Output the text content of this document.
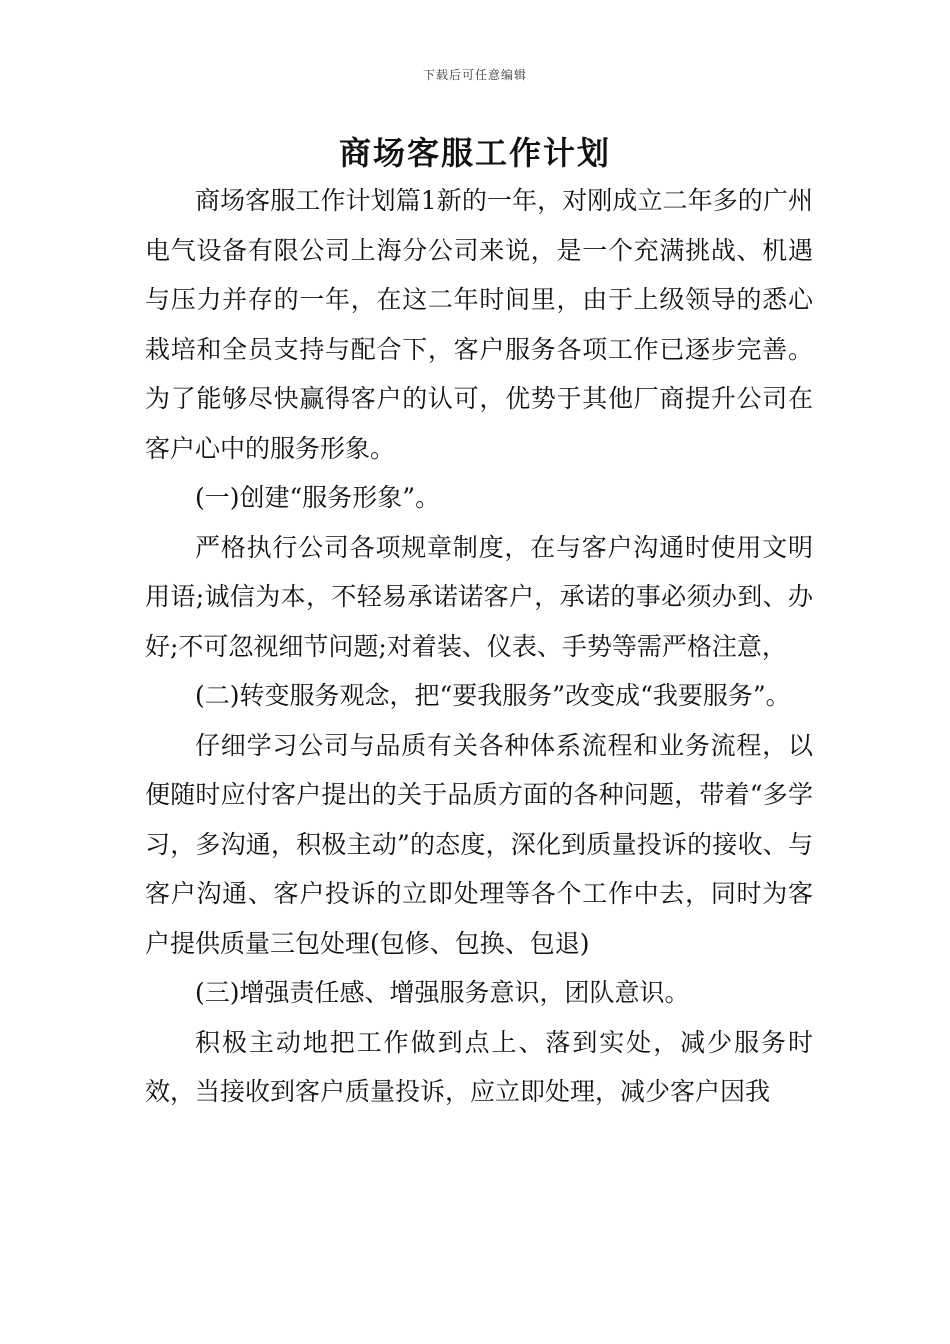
下载后可任意编辑
商场客服工作计划

商场客服工作计划篇1新的一年，对刚成立二年多的广州电气设备有限公司上海分公司来说，是一个充满挑战、机遇与压力并存的一年，在这二年时间里，由于上级领导的悉心栽培和全员支持与配合下，客户服务各项工作已逐步完善。为了能够尽快赢得客户的认可，优势于其他厂商提升公司在客户心中的服务形象。

(一)创建“服务形象”。

严格执行公司各项规章制度，在与客户沟通时使用文明用语;诚信为本，不轻易承诺诺客户，承诺的事必须办到、办好;不可忽视细节问题;对着装、仪表、手势等需严格注意，

(二)转变服务观念，把“要我服务”改变成“我要服务”。

仔细学习公司与品质有关各种体系流程和业务流程，以便随时应付客户提出的关于品质方面的各种问题，带着“多学习，多沟通，积极主动”的态度，深化到质量投诉的接收、与客户沟通、客户投诉的立即处理等各个工作中去，同时为客户提供质量三包处理(包修、包换、包退)

(三)增强责任感、增强服务意识，团队意识。

积极主动地把工作做到点上、落到实处，减少服务时效，当接收到客户质量投诉，应立即处理，减少客户因我
